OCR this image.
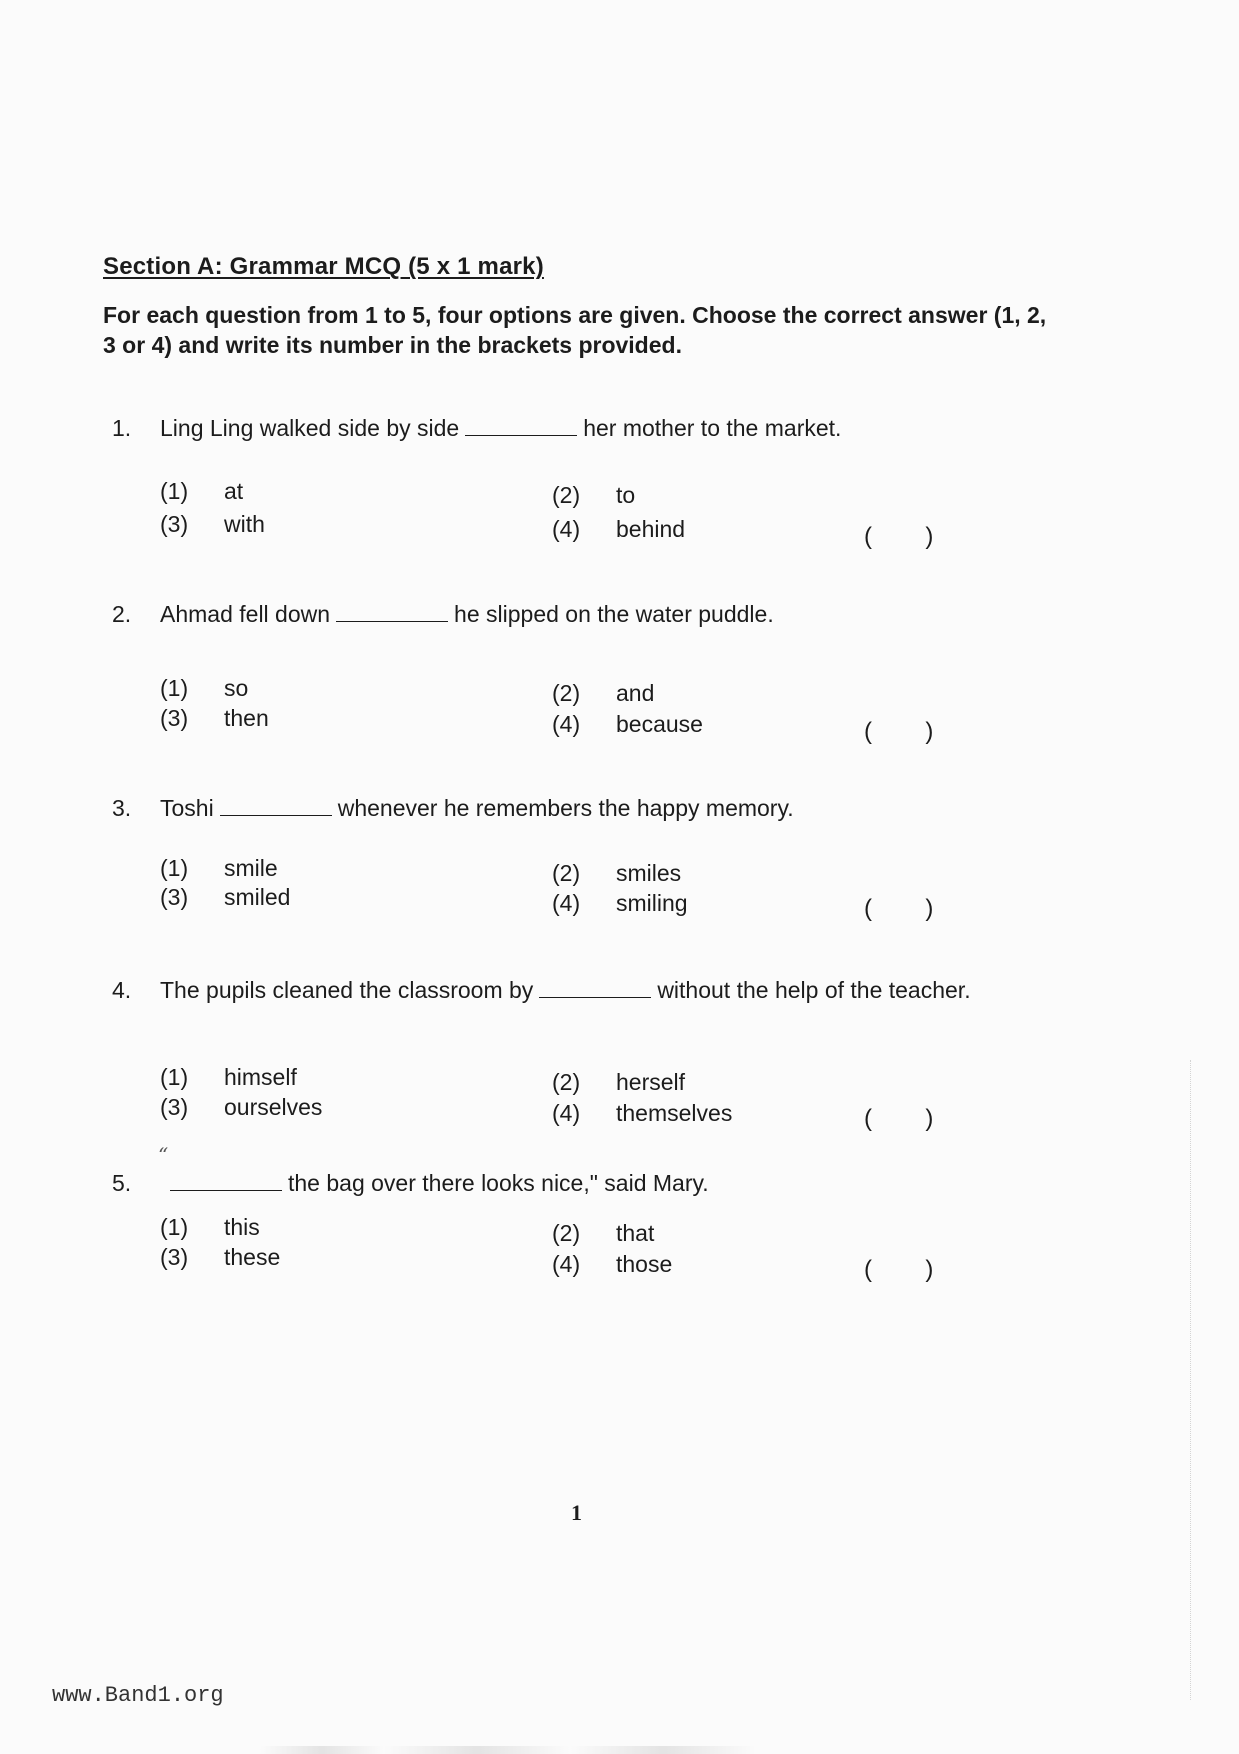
Section A: Grammar MCQ (5 x 1 mark)
For each question from 1 to 5, four options are given. Choose the correct answer (1, 2, 3 or 4) and write its number in the brackets provided.
1.	Ling Ling walked side by side	her mother to the market.
(1) at	(2) to
(3) with	(4) behind	(        )
2.	Ahmad fell down	he slipped on the water puddle.
(1) so	(2) and
(3) then	(4) because	(        )
3.	Toshi	whenever he remembers the happy memory.
(1) smile	(2) smiles
(3) smiled	(4) smiling	(        )
4.	The pupils cleaned the classroom by	without the help of the teacher.
(1) himself	(2) herself
(3) ourselves	(4) themselves	(        )
“
5.	the bag over there looks nice," said Mary.
(1) this	(2) that
(3) these	(4) those	(        )
1
www.Band1.org
